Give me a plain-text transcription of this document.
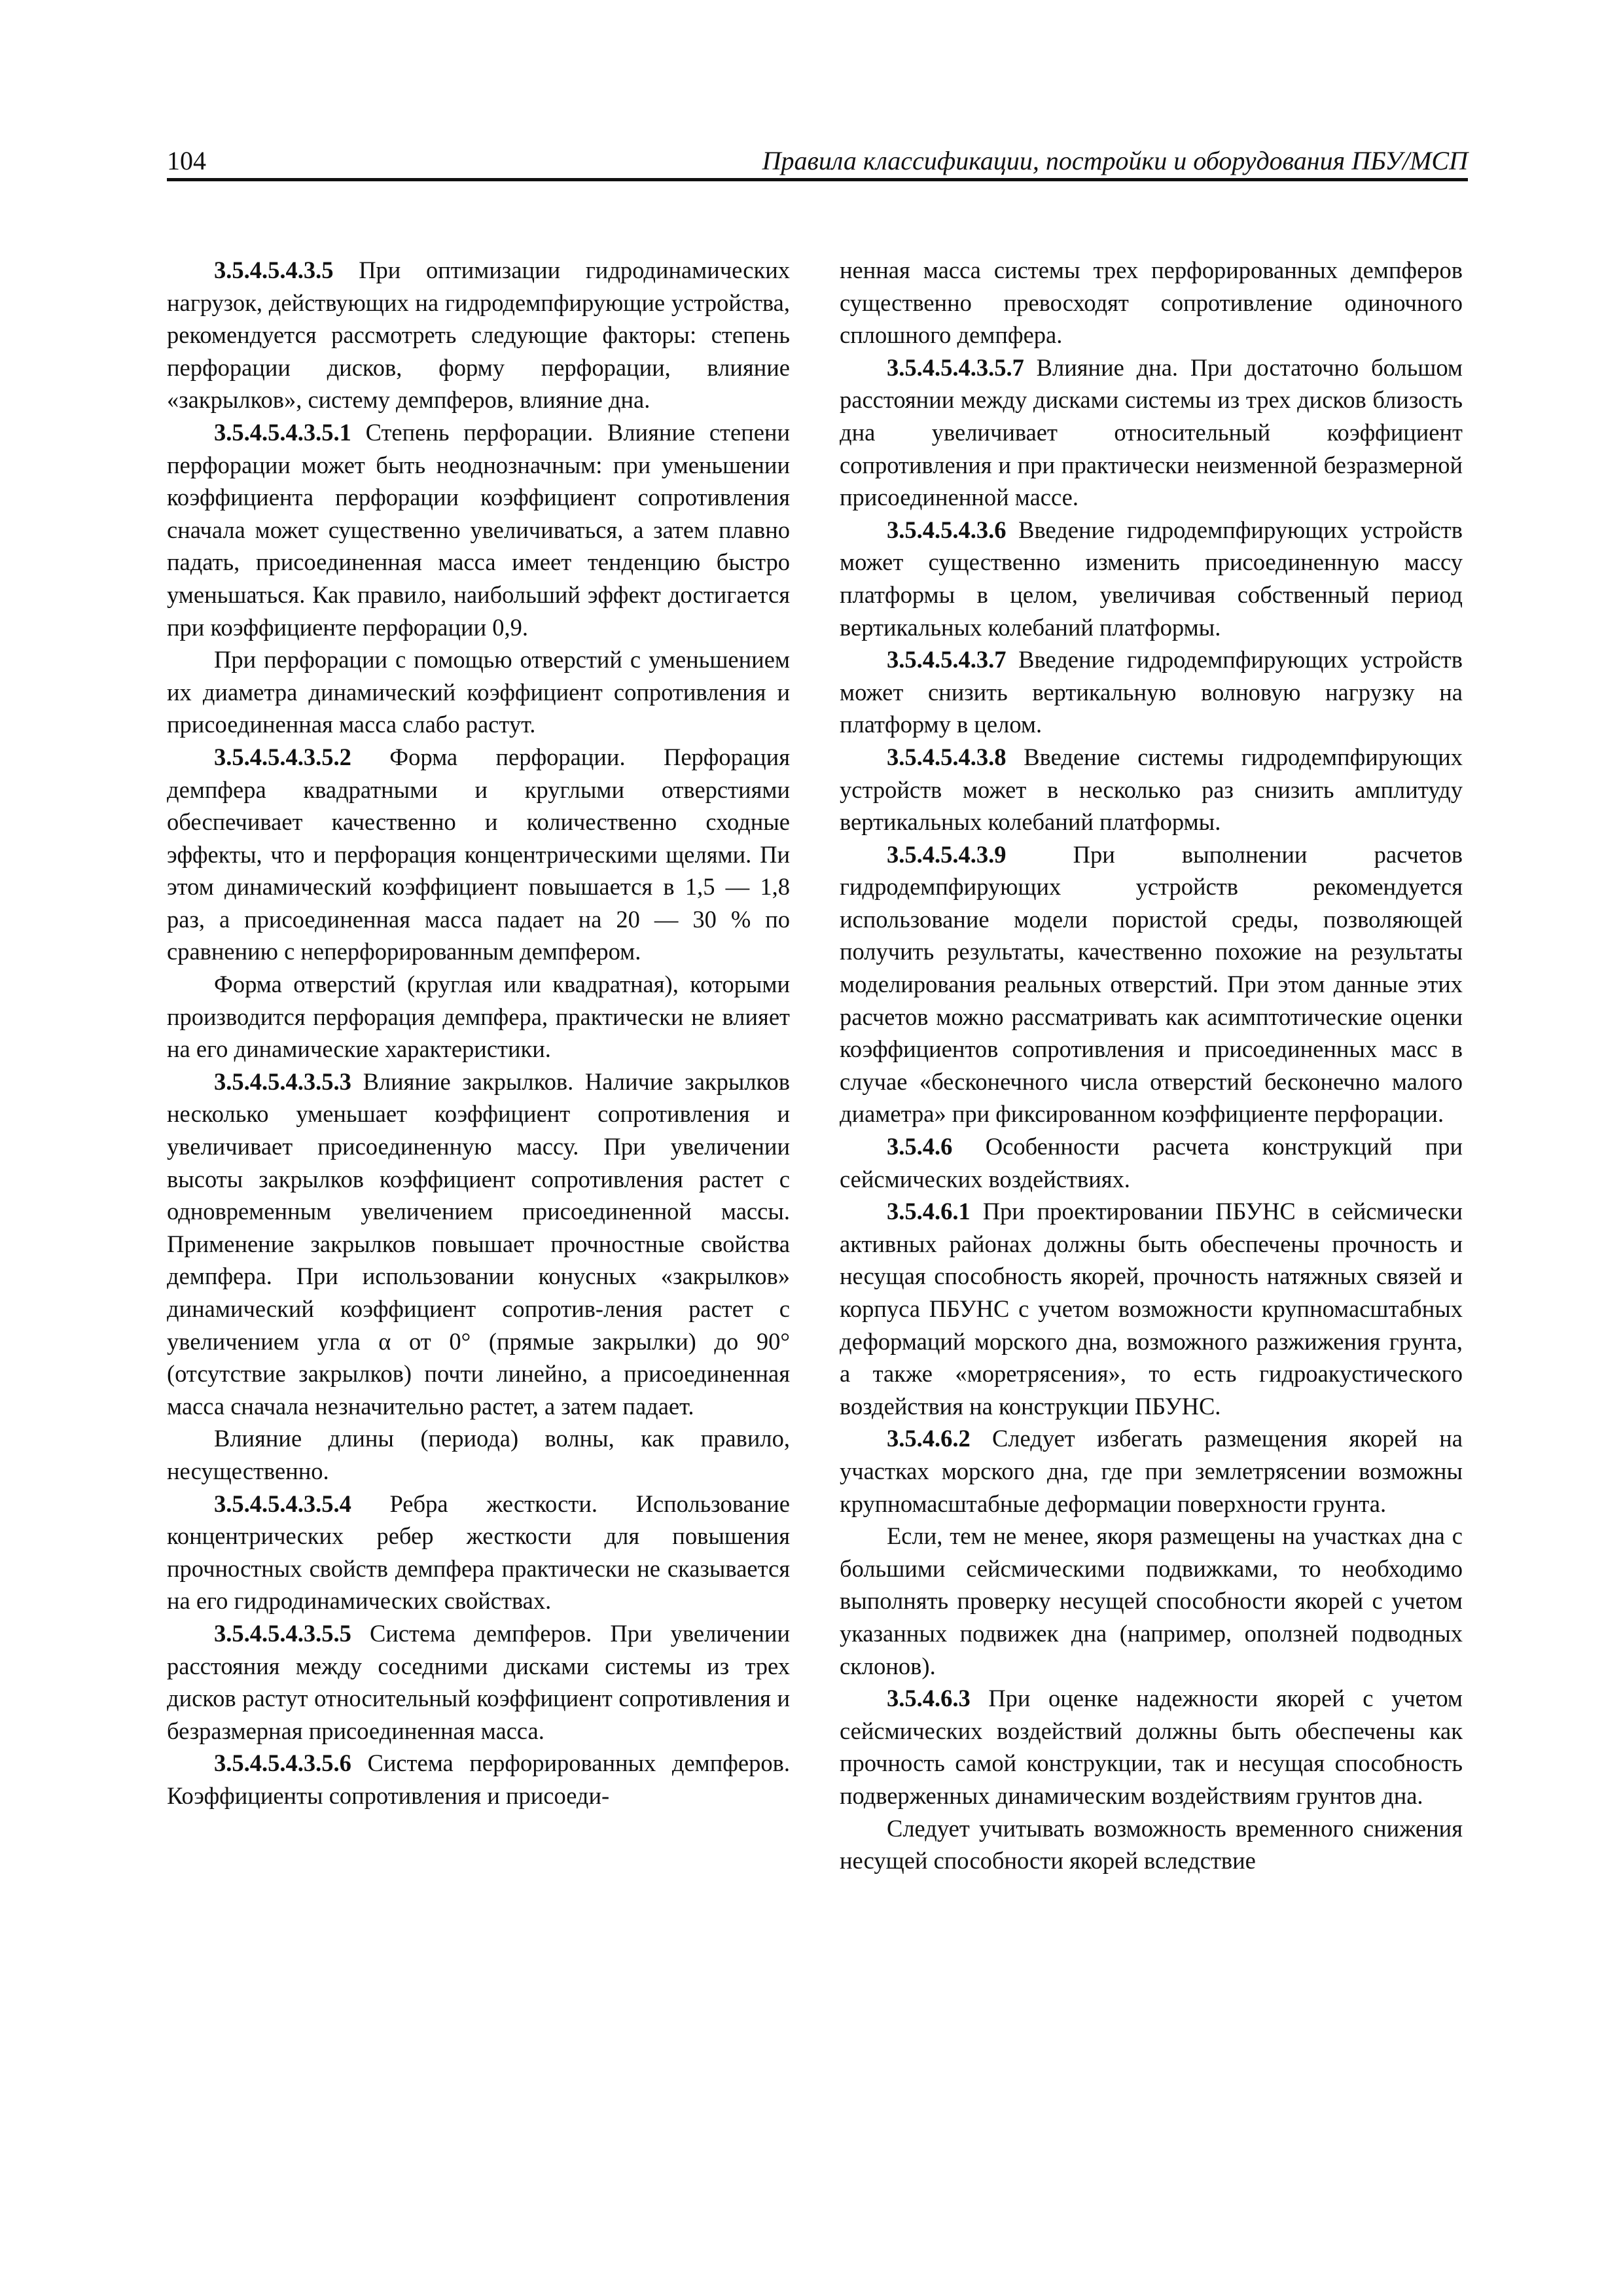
104	Правила классификации, постройки и оборудования ПБУ/МСП

3.5.4.5.4.3.5 При оптимизации гидродинамических нагрузок, действующих на гидродемпфирующие устройства, рекомендуется рассмотреть следующие факторы: степень перфорации дисков, форму перфорации, влияние «закрылков», систему демпферов, влияние дна.

3.5.4.5.4.3.5.1 Степень перфорации. Влияние степени перфорации может быть неоднозначным: при уменьшении коэффициента перфорации коэффициент сопротивления сначала может существенно увеличиваться, а затем плавно падать, присоединенная масса имеет тенденцию быстро уменьшаться. Как правило, наибольший эффект достигается при коэффициенте перфорации 0,9.

При перфорации с помощью отверстий с уменьшением их диаметра динамический коэффициент сопротивления и присоединенная масса слабо растут.

3.5.4.5.4.3.5.2 Форма перфорации. Перфорация демпфера квадратными и круглыми отверстиями обеспечивает качественно и количественно сходные эффекты, что и перфорация концентрическими щелями. Пи этом динамический коэффициент повышается в 1,5 — 1,8 раз, а присоединенная масса падает на 20 — 30 % по сравнению с неперфорированным демпфером.

Форма отверстий (круглая или квадратная), которыми производится перфорация демпфера, практически не влияет на его динамические характеристики.

3.5.4.5.4.3.5.3 Влияние закрылков. Наличие закрылков несколько уменьшает коэффициент сопротивления и увеличивает присоединенную массу. При увеличении высоты закрылков коэффициент сопротивления растет с одновременным увеличением присоединенной массы. Применение закрылков повышает прочностные свойства демпфера. При использовании конусных «закрылков» динамический коэффициент сопротив-ления растет с увеличением угла α от 0° (прямые закрылки) до 90° (отсутствие закрылков) почти линейно, а присоединенная масса сначала незначительно растет, а затем падает.

Влияние длины (периода) волны, как правило, несущественно.

3.5.4.5.4.3.5.4 Ребра жесткости. Использование концентрических ребер жесткости для повышения прочностных свойств демпфера практически не сказывается на его гидродинамических свойствах.

3.5.4.5.4.3.5.5 Система демпферов. При увеличении расстояния между соседними дисками системы из трех дисков растут относительный коэффициент сопротивления и безразмерная присоединенная масса.

3.5.4.5.4.3.5.6 Система перфорированных демпферов. Коэффициенты сопротивления и присоеди-

ненная масса системы трех перфорированных демпферов существенно превосходят сопротивление одиночного сплошного демпфера.

3.5.4.5.4.3.5.7 Влияние дна. При достаточно большом расстоянии между дисками системы из трех дисков близость дна увеличивает относительный коэффициент сопротивления и при практически неизменной безразмерной присоединенной массе.

3.5.4.5.4.3.6 Введение гидродемпфирующих устройств может существенно изменить присоединенную массу платформы в целом, увеличивая собственный период вертикальных колебаний платформы.

3.5.4.5.4.3.7 Введение гидродемпфирующих устройств может снизить вертикальную волновую нагрузку на платформу в целом.

3.5.4.5.4.3.8 Введение системы гидродемпфирующих устройств может в несколько раз снизить амплитуду вертикальных колебаний платформы.

3.5.4.5.4.3.9	При выполнении расчетов гидродемпфирующих устройств рекомендуется использование модели пористой среды, позволяющей получить результаты, качественно похожие на результаты моделирования реальных отверстий. При этом данные этих расчетов можно рассматривать как асимптотические оценки коэффициентов сопротивления и присоединенных масс в случае «бесконечного числа отверстий бесконечно малого диаметра» при фиксированном коэффициенте перфорации.

3.5.4.6 Особенности расчета конструкций при сейсмических воздействиях.

3.5.4.6.1 При проектировании ПБУНС в сейсмически активных районах должны быть обеспечены прочность и несущая способность якорей, прочность натяжных связей и корпуса ПБУНС с учетом возможности крупномасштабных деформаций морского дна, возможного разжижения грунта, а также «моретрясения», то есть гидроакустического воздействия на конструкции ПБУНС.

3.5.4.6.2 Следует избегать размещения якорей на участках морского дна, где при землетрясении возможны крупномасштабные деформации поверхности грунта.

Если, тем не менее, якоря размещены на участках дна с большими сейсмическими подвижками, то необходимо выполнять проверку несущей способности якорей с учетом указанных подвижек дна (например, оползней подводных склонов).

3.5.4.6.3 При оценке надежности якорей с учетом сейсмических воздействий должны быть обеспечены как прочность самой конструкции, так и несущая способность подверженных динамическим воздействиям грунтов дна.

Следует учитывать возможность временного снижения несущей способности якорей вследствие
